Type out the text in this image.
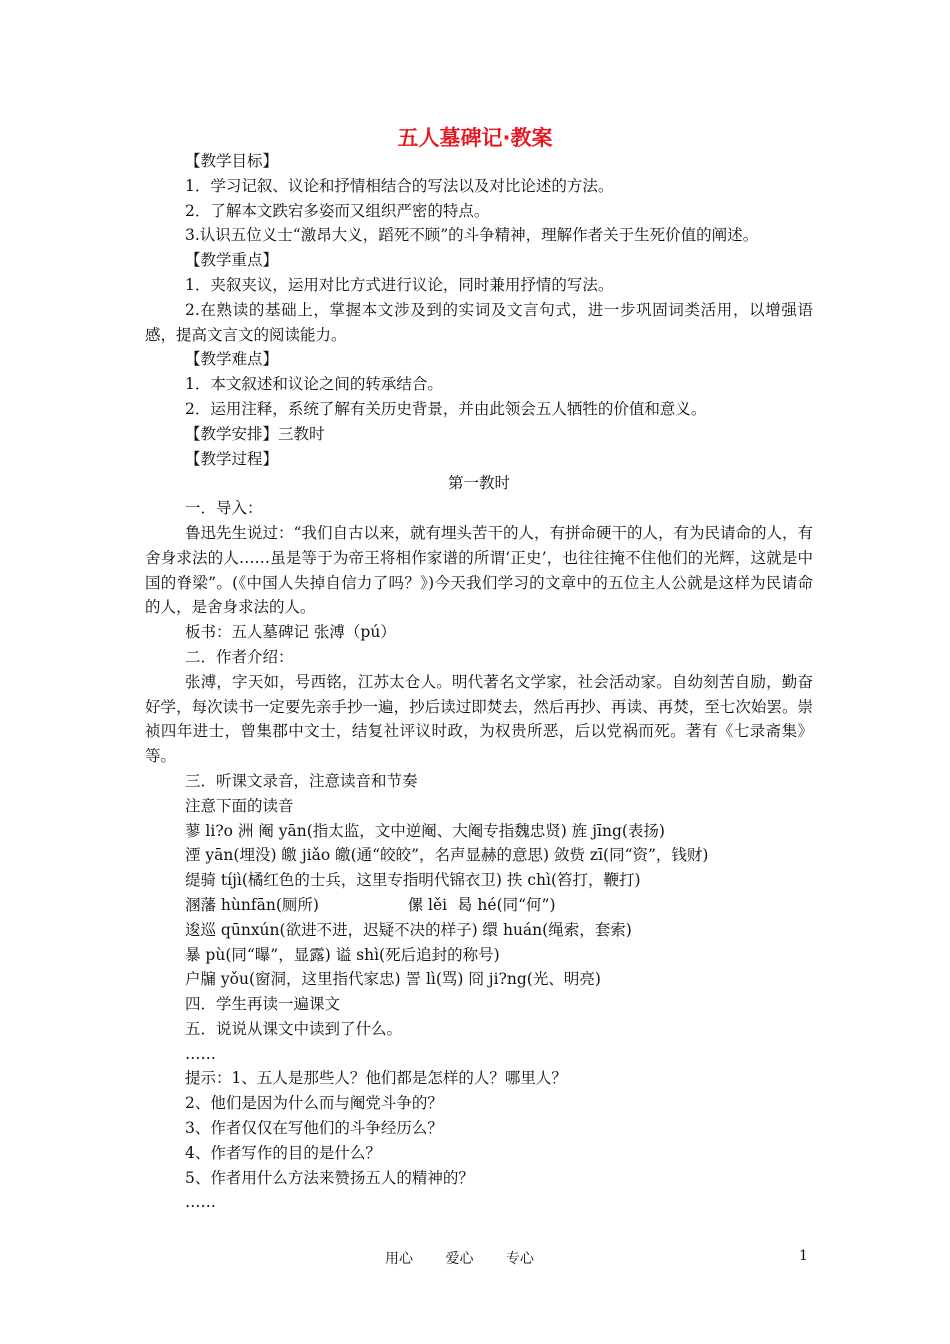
五人墓碑记·教案
【教学目标】
1．学习记叙、议论和抒情相结合的写法以及对比论述的方法。
2．了解本文跌宕多姿而又组织严密的特点。
3.认识五位义士“激昂大义，蹈死不顾”的斗争精神，理解作者关于生死价值的阐述。
【教学重点】
1．夹叙夹议，运用对比方式进行议论，同时兼用抒情的写法。
2.在熟读的基础上，掌握本文涉及到的实词及文言句式，进一步巩固词类活用，以增强语感，提高文言文的阅读能力。
【教学难点】
1．本文叙述和议论之间的转承结合。
2．运用注释，系统了解有关历史背景，并由此领会五人牺牲的价值和意义。
【教学安排】三教时
【教学过程】
第一教时
一．导入：
鲁迅先生说过：“我们自古以来，就有埋头苦干的人，有拼命硬干的人，有为民请命的人，有舍身求法的人……虽是等于为帝王将相作家谱的所谓‘正史’，也往往掩不住他们的光辉，这就是中国的脊梁”。(《中国人失掉自信力了吗？》)今天我们学习的文章中的五位主人公就是这样为民请命的人，是舍身求法的人。
板书：五人墓碑记 张溥（pú）
二．作者介绍：
张溥，字天如，号西铭，江苏太仓人。明代著名文学家，社会活动家。自幼刻苦自励，勤奋好学，每次读书一定要先亲手抄一遍，抄后读过即焚去，然后再抄、再读、再焚，至七次始罢。崇祯四年进士，曾集郡中文士，结复社评议时政，为权贵所恶，后以党祸而死。著有《七录斋集》等。
三．听课文录音，注意读音和节奏
注意下面的读音
蓼 li?o 洲 阉 yān(指太监，文中逆阉、大阉专指魏忠贤) 旌 jīng(表扬)
湮 yān(埋没) 皦 jiǎo 皦(通“皎皎”，名声显赫的意思) 敛赀 zī(同“资”，钱财)
缇骑 tíjì(橘红色的士兵，这里专指明代锦衣卫) 抶 chì(笞打，鞭打)
溷藩 hùnfān(厕所)                  傫 lěi  曷 hé(同“何”)
逡巡 qūnxún(欲进不进，迟疑不决的样子) 缳 huán(绳索，套索)
暴 pù(同“曝”，显露) 谥 shì(死后追封的称号)
户牖 yǒu(窗洞，这里指代家忠) 詈 lì(骂) 冏 ji?ng(光、明亮)
四．学生再读一遍课文
五．说说从课文中读到了什么。
……
提示：1、五人是那些人？他们都是怎样的人？哪里人？
2、他们是因为什么而与阉党斗争的？
3、作者仅仅在写他们的斗争经历么？
4、作者写作的目的是什么？
5、作者用什么方法来赞扬五人的精神的？
……
用心 爱心 专心	1
